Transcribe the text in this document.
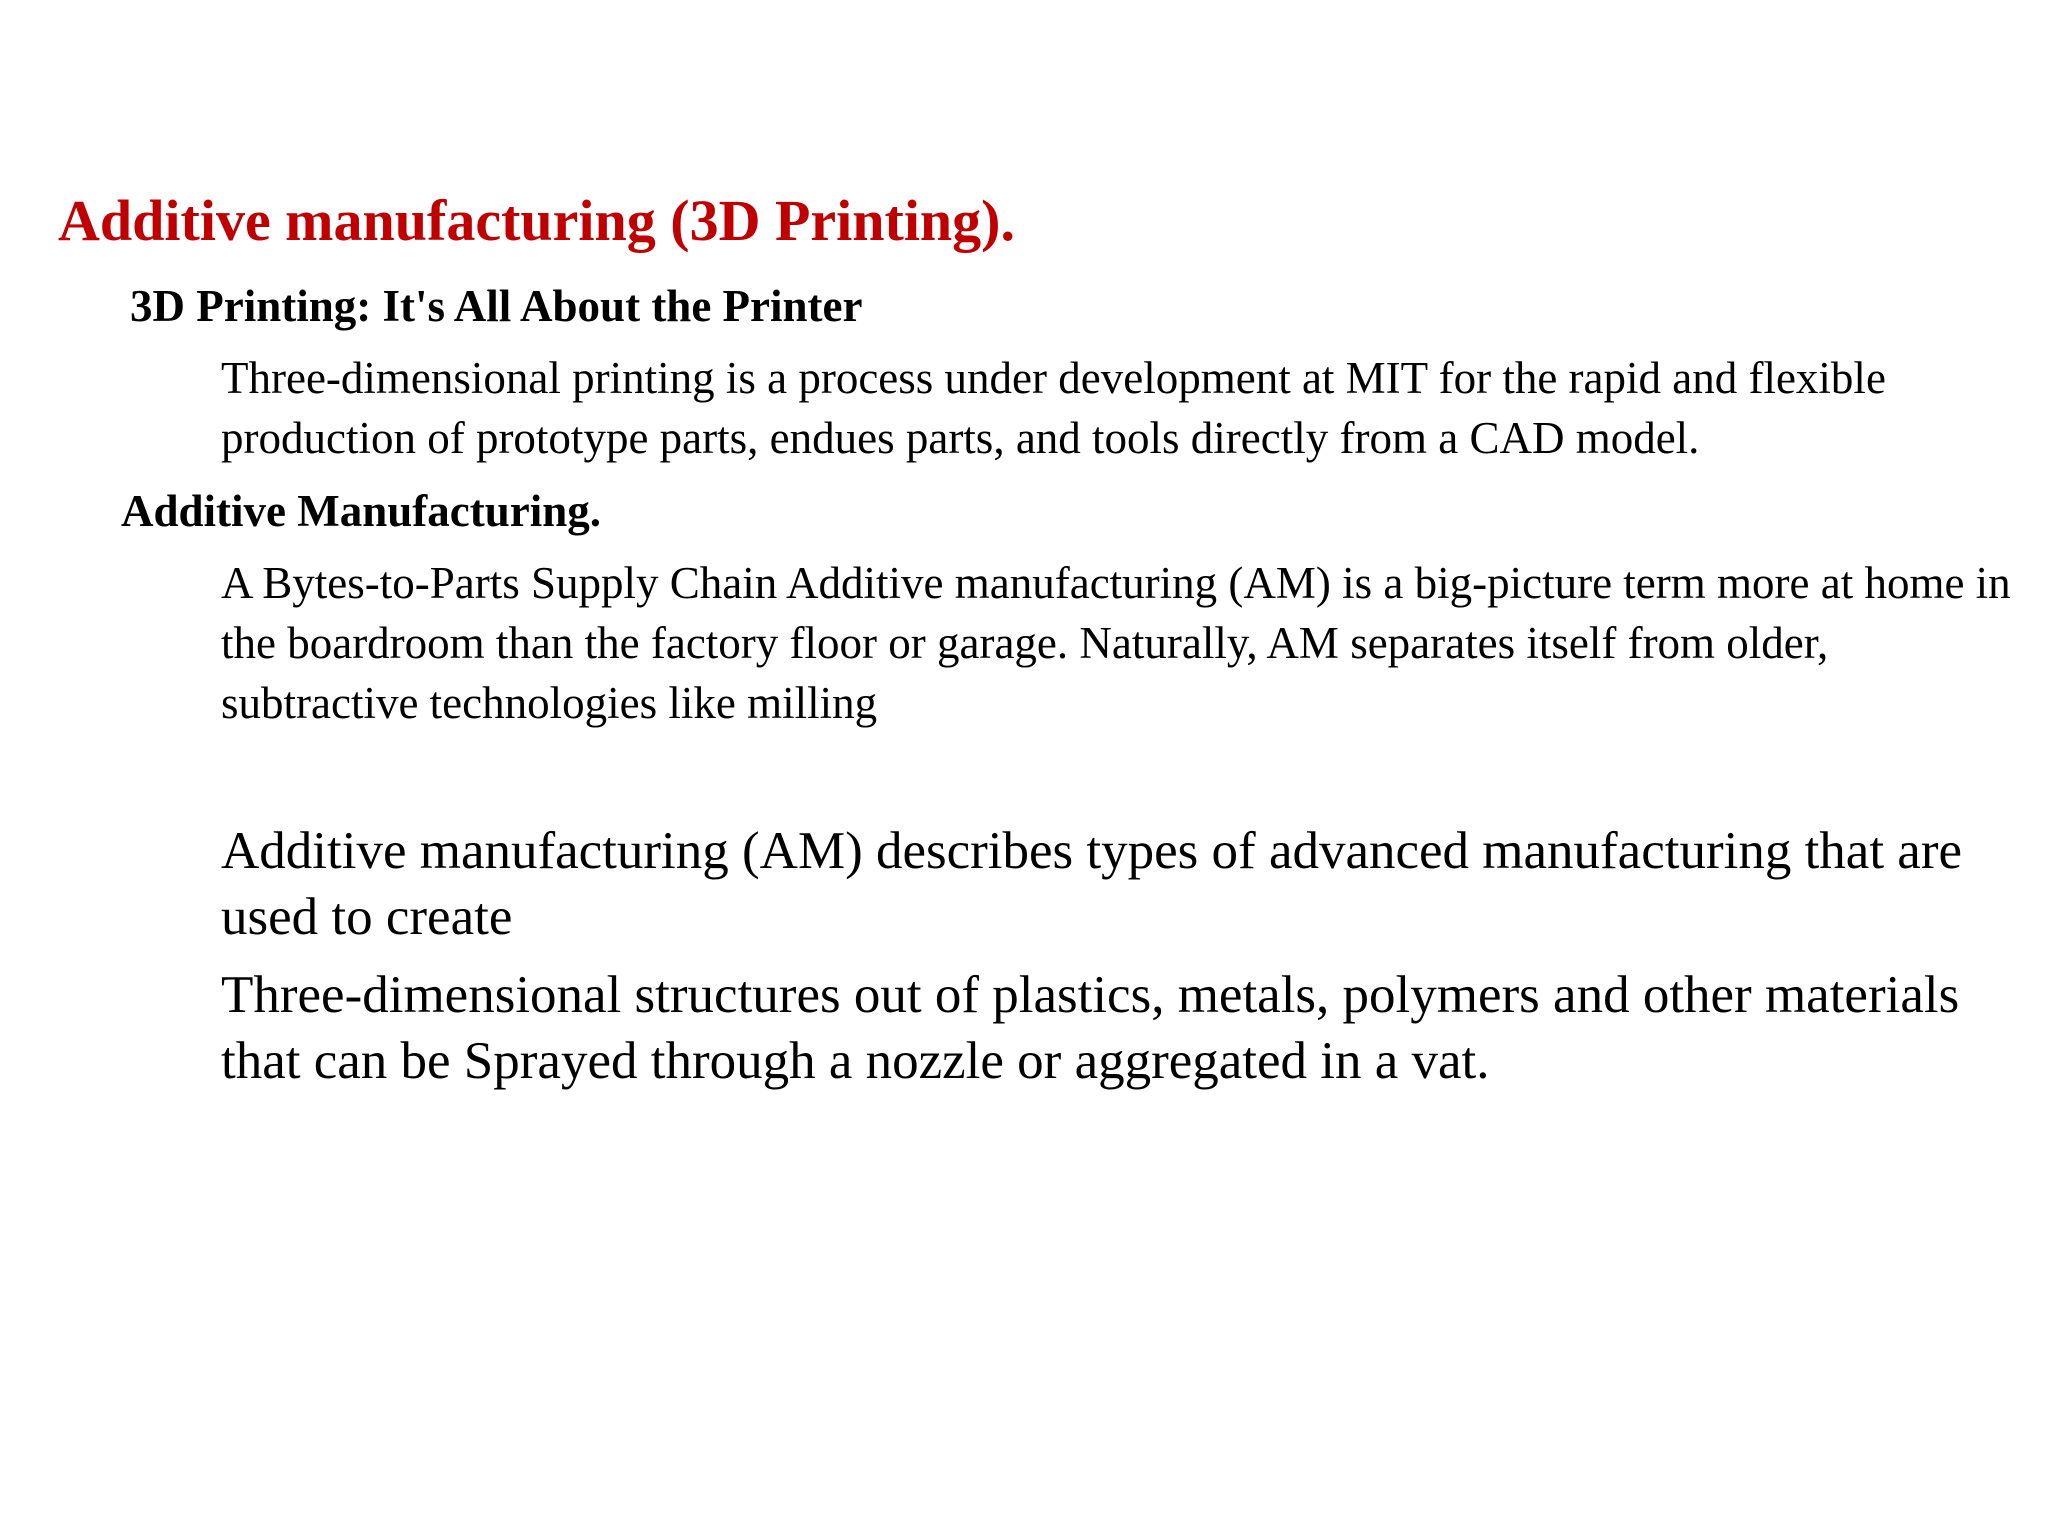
Additive manufacturing (3D Printing).
3D Printing: It's All About the Printer

Three-dimensional printing is a process under development at MIT for the rapid and flexible production of prototype parts, endues parts, and tools directly from a CAD model.

Additive Manufacturing.

A Bytes-to-Parts Supply Chain Additive manufacturing (AM) is a big-picture term more at home in the boardroom than the factory floor or garage. Naturally, AM separates itself from older, subtractive technologies like milling

Additive manufacturing (AM) describes types of advanced manufacturing that are used to create

Three-dimensional structures out of plastics, metals, polymers and other materials that can be Sprayed through a nozzle or aggregated in a vat.
